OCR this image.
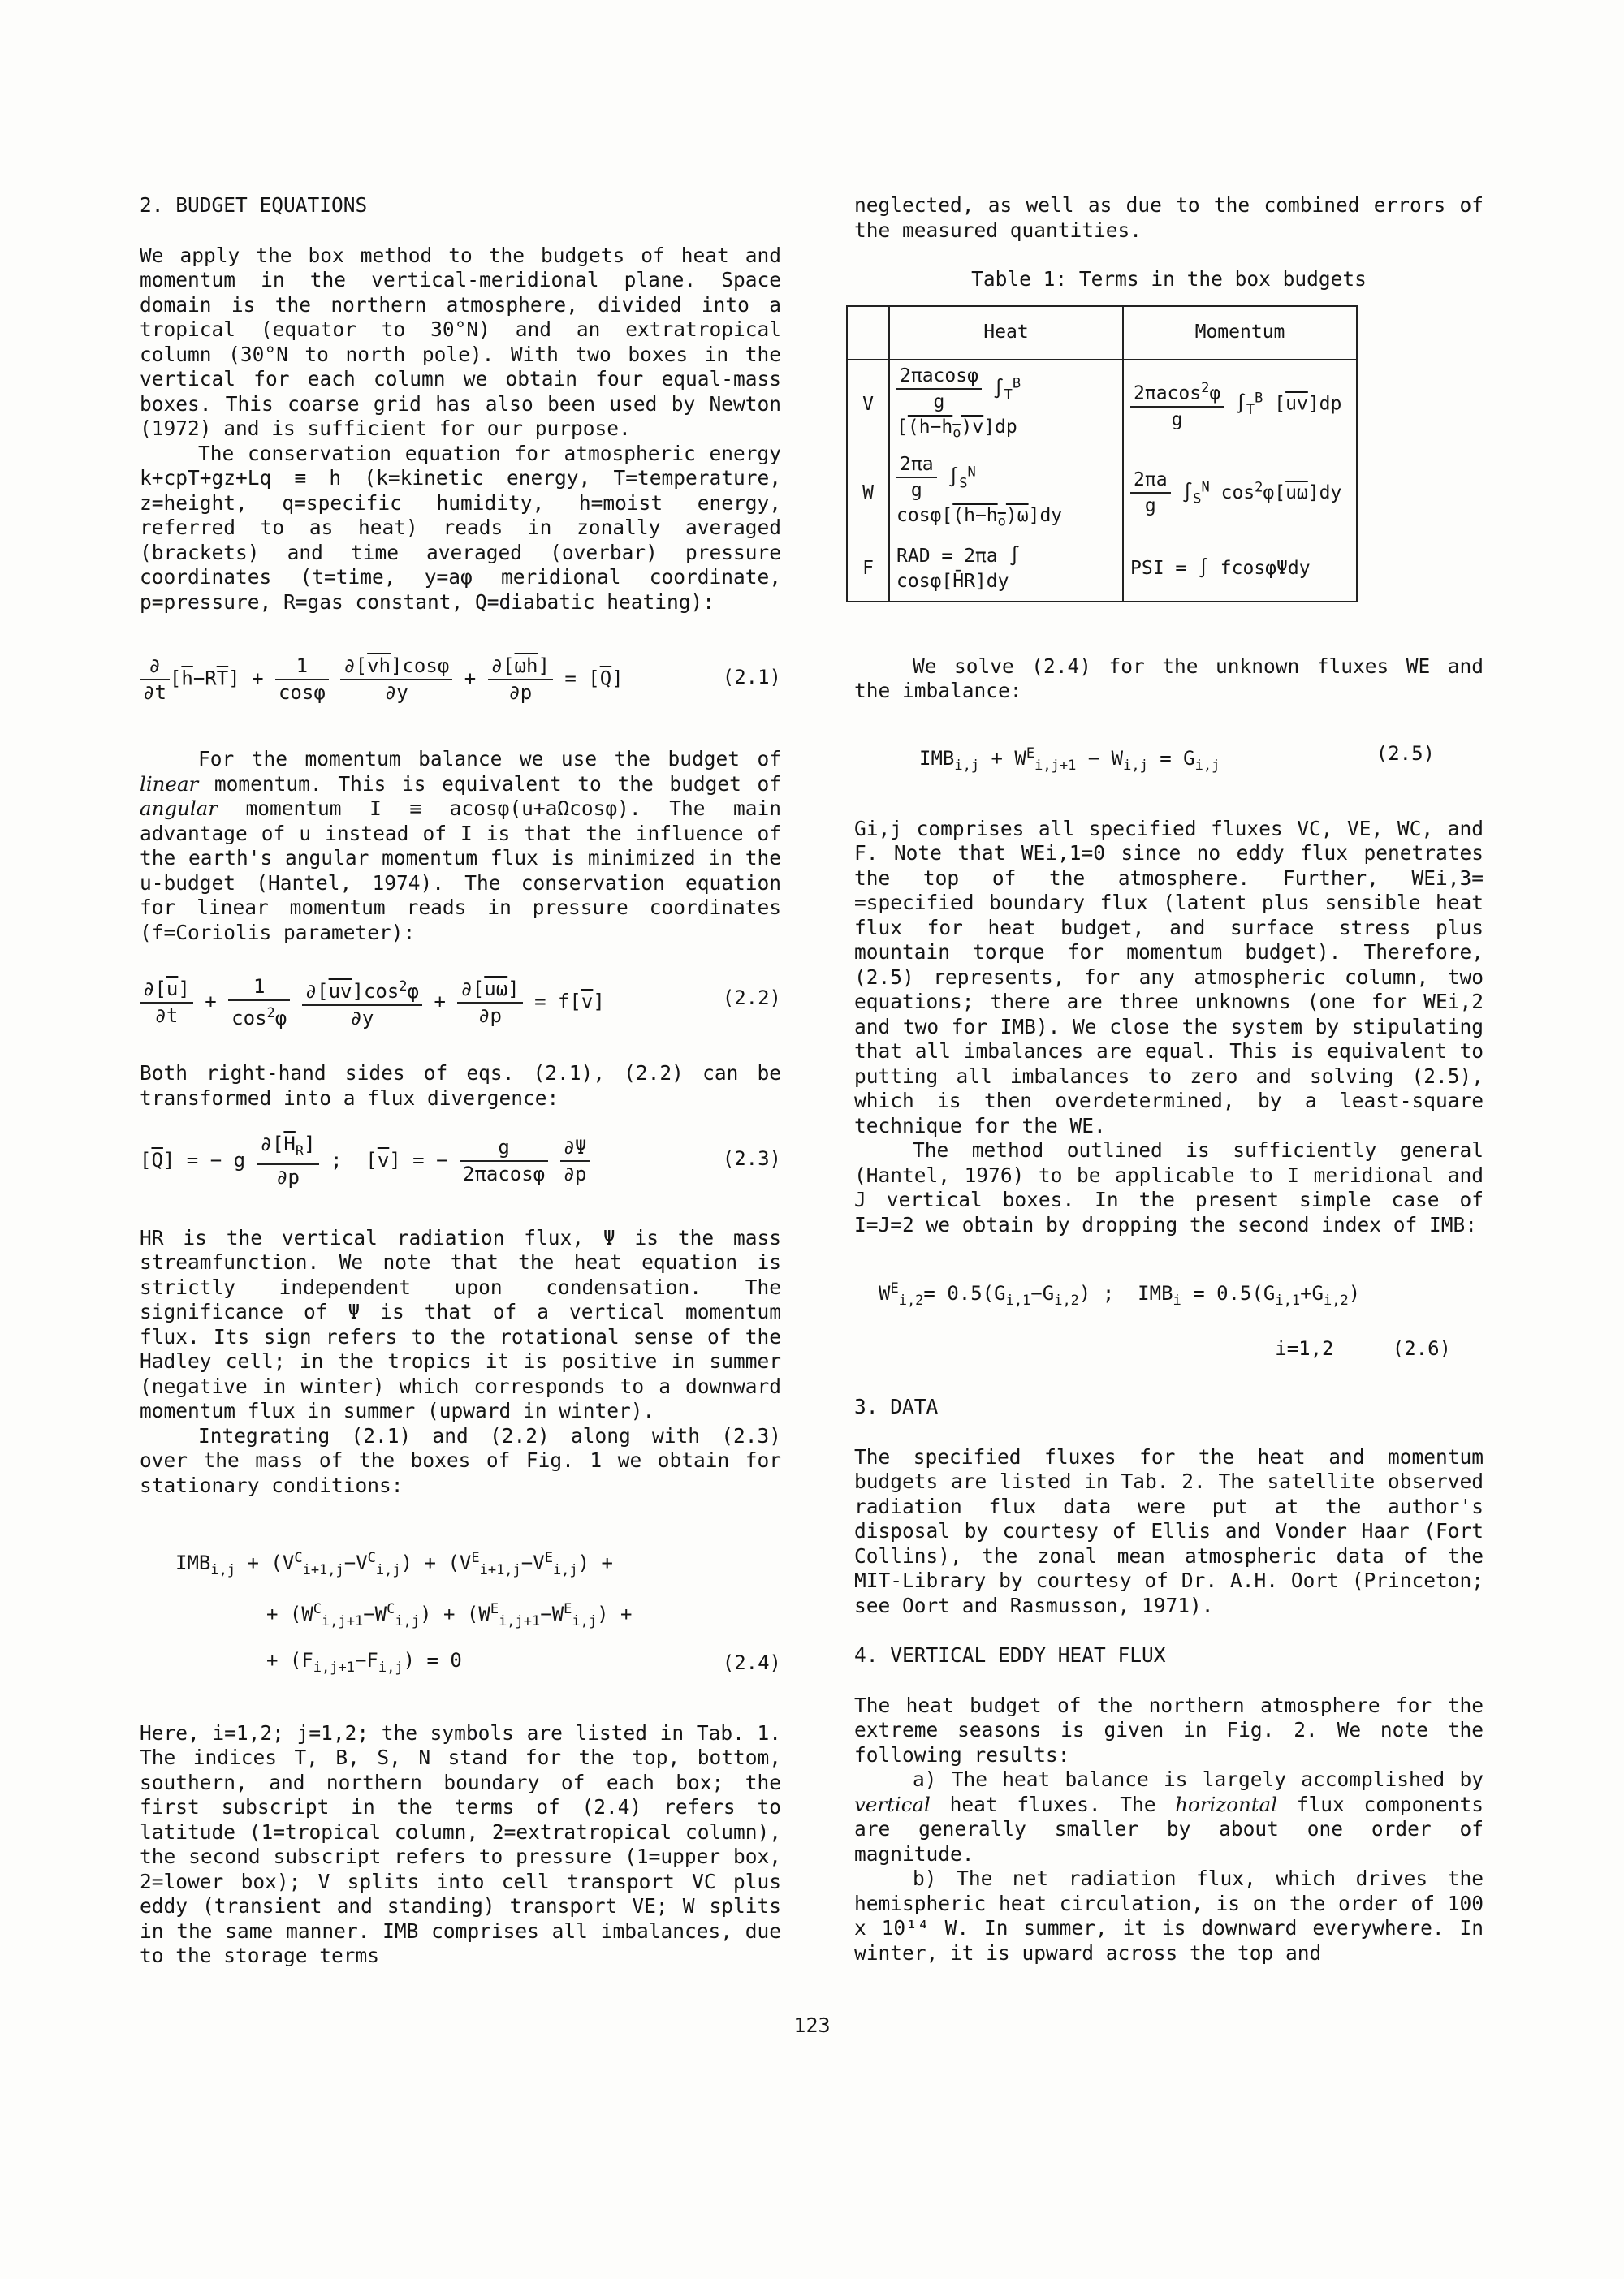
2. BUDGET EQUATIONS

We apply the box method to the budgets of heat and momentum in the vertical-meridional plane. Space domain is the northern atmosphere, divided into a tropical (equator to 30°N) and an extratropical column (30°N to north pole). With two boxes in the vertical for each column we obtain four equal-mass boxes. This coarse grid has also been used by Newton (1972) and is sufficient for our purpose.

The conservation equation for atmospheric energy k+cpT+gz+Lq ≡ h (k=kinetic energy, T=temperature, z=height, q=specific humidity, h=moist energy, referred to as heat) reads in zonally averaged (brackets) and time averaged (overbar) pressure coordinates (t=time, y=aφ meridional coordinate, p=pressure, R=gas constant, Q=diabatic heating):

$\frac{\partial}{\partial t} [\overline{h}-R\overline{T}] + \frac{1}{\cos\varphi}$
$\frac{\partial[\overline{vh}]\cos\varphi}{\partial y} + \frac{\partial[\overline{\omega h}]}{\partial p} = [\overline{Q}]$	(2.1)

For the momentum balance we use the budget of linear momentum. This is equivalent to the budget of angular momentum I ≡ acosφ(u+aΩcosφ). The main advantage of u instead of I is that the influence of the earth's angular momentum flux is minimized in the u-budget (Hantel, 1974). The conservation equation for linear momentum reads in pressure coordinates (f=Coriolis parameter):

$\frac{\partial[\overline{u}]}{\partial t} + \frac{1}{\cos^2\varphi}$
$\frac{\partial[\overline{uv}]\cos^2\varphi}{\partial y} + \frac{\partial[\overline{u\omega}]}{\partial p} = f[\overline{v}]$	(2.2)

Both right-hand sides of eqs. (2.1), (2.2) can be transformed into a flux divergence:

$[\overline{Q}]$ = − g $\frac{\partial[\overline{H}_R]}{\partial p}$ ;  $[\overline{v}]$ = − $\frac{g}{2\pi acos\varphi}$
$\frac{\partial\Psi}{\partial p}$	(2.3)

HR is the vertical radiation flux, Ψ is the mass streamfunction. We note that the heat equation is strictly independent upon condensation. The significance of Ψ is that of a vertical momentum flux. Its sign refers to the rotational sense of the Hadley cell; in the tropics it is positive in summer (negative in winter) which corresponds to a downward momentum flux in summer (upward in winter).

Integrating (2.1) and (2.2) along with (2.3) over the mass of the boxes of Fig. 1 we obtain for stationary conditions:

$IMB_{i,j} + (V^C_{i+1,j}-V^C_{i,j}) + (V^E_{i+1,j}-V^E_{i,j})$ +
+ $(W^C_{i,j+1}-W^C_{i,j}) + (W^E_{i,j+1}-W^E_{i,j})$ +
+ $(F_{i,j+1}-F_{i,j}) = 0$	(2.4)

Here, i=1,2; j=1,2; the symbols are listed in Tab. 1. The indices T, B, S, N stand for the top, bottom, southern, and northern boundary of each box; the first subscript in the terms of (2.4) refers to latitude (1=tropical column, 2=extratropical column), the second subscript refers to pressure (1=upper box, 2=lower box); V splits into cell transport VC plus eddy (transient and standing) transport VE; W splits in the same manner. IMB comprises all imbalances, due to the storage terms

neglected, as well as due to the combined errors of the measured quantities.

Table 1: Terms in the box budgets

	Heat	Momentum
V	$\frac{2\pi acos\varphi}{g} \int_T^B$ $[(h-h_o)v]dp$	$\frac{2\pi acos^2\varphi}{g} \int_T^B$ $[\overline{uv}]dp$
W	$\frac{2\pi a}{g} \int_S^N$ $\cos\varphi[(h-h_o)\omega]dy$	$\frac{2\pi a}{g} \int_S^N$ $\cos^2\varphi[\overline{u\omega}]dy$
F	RAD = 2πa ∫ cosφ[H̄R]dy	PSI = ∫ fcosφΨdy

We solve (2.4) for the unknown fluxes WE and the imbalance:

$IMB_{i,j} + W^E_{i,j+1} - W_{i,j} = G_{i,j}$
(2.5)

Gi,j comprises all specified fluxes VC, VE, WC, and F. Note that WEi,1=0 since no eddy flux penetrates the top of the atmosphere. Further, WEi,3= =specified boundary flux (latent plus sensible heat flux for heat budget, and surface stress plus mountain torque for momentum budget). Therefore, (2.5) represents, for any atmospheric column, two equations; there are three unknowns (one for WEi,2 and two for IMB). We close the system by stipulating that all imbalances are equal. This is equivalent to putting all imbalances to zero and solving (2.5), which is then overdetermined, by a least-square technique for the WE.

The method outlined is sufficiently general (Hantel, 1976) to be applicable to I meridional and J vertical boxes. In the present simple case of I=J=2 we obtain by dropping the second index of IMB:

$W^E_{i,2}= 0.5(G_{i,1}-G_{i,2})$ ;  $IMB_i = 0.5(G_{i,1}+G_{i,2})$
i=1,2	(2.6)

3. DATA

The specified fluxes for the heat and momentum budgets are listed in Tab. 2. The satellite observed radiation flux data were put at the author's disposal by courtesy of Ellis and Vonder Haar (Fort Collins), the zonal mean atmospheric data of the MIT-Library by courtesy of Dr. A.H. Oort (Princeton; see Oort and Rasmusson, 1971).

4. VERTICAL EDDY HEAT FLUX

The heat budget of the northern atmosphere for the extreme seasons is given in Fig. 2. We note the following results:

a) The heat balance is largely accomplished by vertical heat fluxes. The horizontal flux components are generally smaller by about one order of magnitude.

b) The net radiation flux, which drives the hemispheric heat circulation, is on the order of 100 x 10¹⁴ W. In summer, it is downward everywhere. In winter, it is upward across the top and

123
